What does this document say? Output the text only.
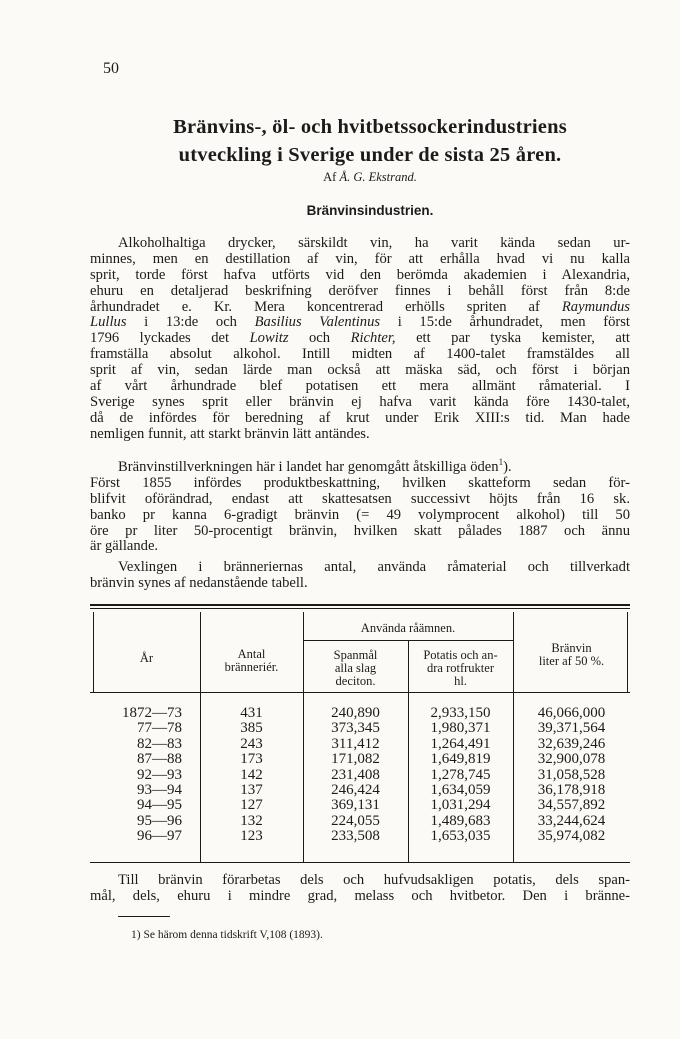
50
Bränvins-, öl- och hvitbetssockerindustriens
utveckling i Sverige under de sista 25 åren.
Af Å. G. Ekstrand.
Bränvinsindustrien.
Alkoholhaltiga drycker, särskildt vin, ha varit kända sedan ur-
minnes, men en destillation af vin, för att erhålla hvad vi nu kalla
sprit, torde först hafva utförts vid den berömda akademien i Alexandria,
ehuru en detaljerad beskrifning deröfver finnes i behåll först från 8:de
århundradet e. Kr. Mera koncentrerad erhölls spriten af Raymundus
Lullus i 13:de och Basilius Valentinus i 15:de århundradet, men först
1796 lyckades det Lowitz och Richter, ett par tyska kemister, att
framställa absolut alkohol. Intill midten af 1400-talet framstäldes all
sprit af vin, sedan lärde man också att mäska säd, och först i början
af vårt århundrade blef potatisen ett mera allmänt råmaterial. I
Sverige synes sprit eller bränvin ej hafva varit kända före 1430-talet,
då de infördes för beredning af krut under Erik XIII:s tid. Man hade
nemligen funnit, att starkt bränvin lätt antändes.
Bränvinstillverkningen här i landet har genomgått åtskilliga öden$^1$).
Först 1855 infördes produktbeskattning, hvilken skatteform sedan för-
blifvit oförändrad, endast att skattesatsen successivt höjts från 16 sk.
banko pr kanna 6-gradigt bränvin (= 49 volymprocent alkohol) till 50
öre pr liter 50-procentigt bränvin, hvilken skatt pålades 1887 och ännu
är gällande.
Vexlingen i bränneriernas antal, använda råmaterial och tillverkadt
bränvin synes af nedanstående tabell.
År	Antal
bränneriér.
Använda råämnen.
Spanmål
alla slag
deciton.
Potatis och an-
dra rotfrukter
hl.
Bränvin
liter af 50 %.
1872—73
77—78
82—83
87—88
92—93
93—94
94—95
95—96
96—97
431
385
243
173
142
137
127
132
123
240,890
373,345
311,412
171,082
231,408
246,424
369,131
224,055
233,508
2,933,150
1,980,371
1,264,491
1,649,819
1,278,745
1,634,059
1,031,294
1,489,683
1,653,035
46,066,000
39,371,564
32,639,246
32,900,078
31,058,528
36,178,918
34,557,892
33,244,624
35,974,082
Till bränvin förarbetas dels och hufvudsakligen potatis, dels span-
mål, dels, ehuru i mindre grad, melass och hvitbetor. Den i bränne-
1) Se härom denna tidskrift V,108 (1893).
